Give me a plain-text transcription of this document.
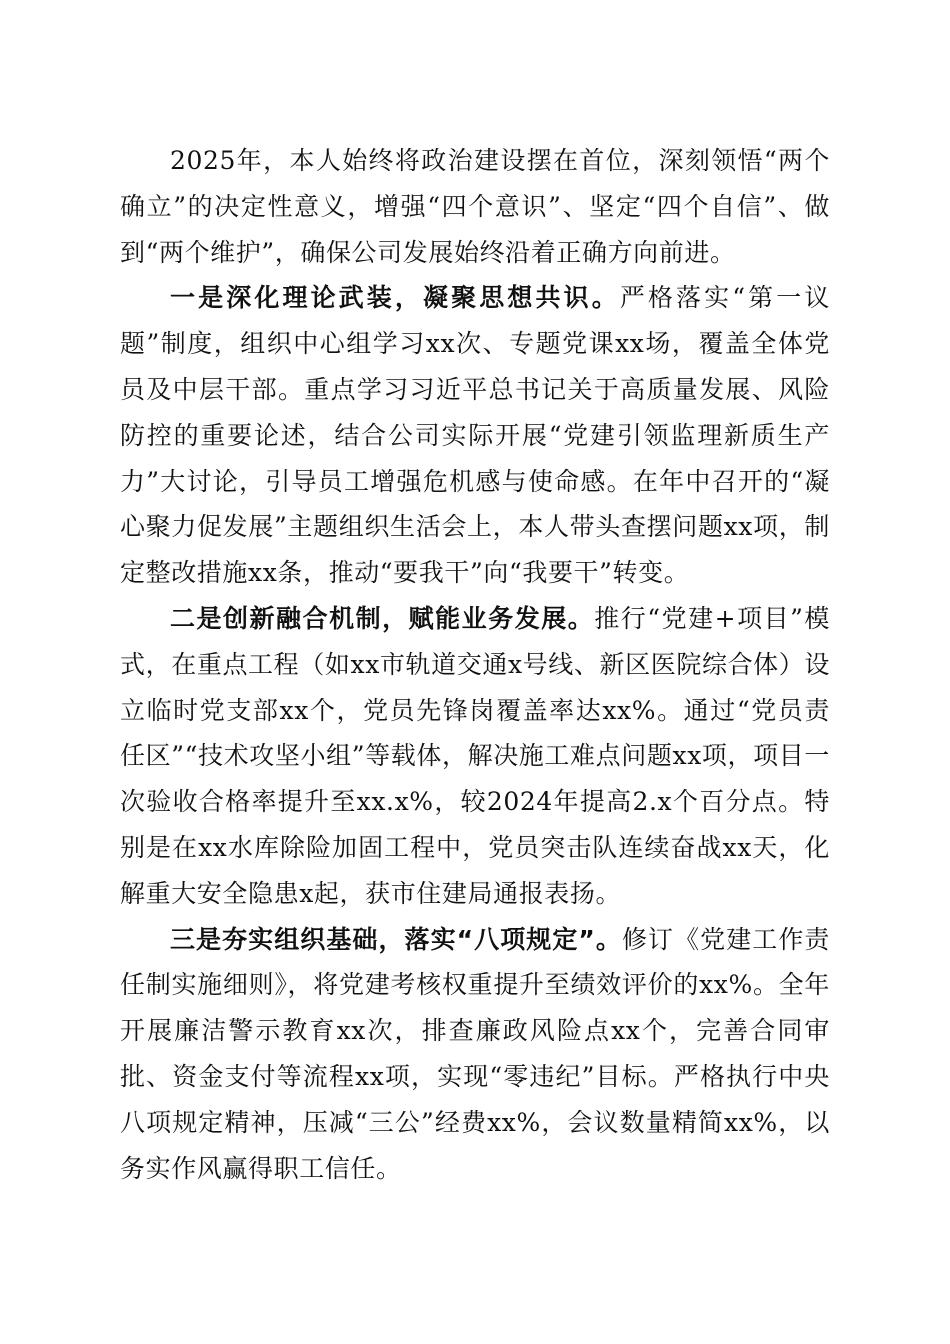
2025年，本人始终将政治建设摆在首位，深刻领悟“两个确立”的决定性意义，增强“四个意识”、坚定“四个自信”、做到“两个维护”，确保公司发展始终沿着正确方向前进。

一是深化理论武装，凝聚思想共识。严格落实“第一议题”制度，组织中心组学习xx次、专题党课xx场，覆盖全体党员及中层干部。重点学习习近平总书记关于高质量发展、风险防控的重要论述，结合公司实际开展“党建引领监理新质生产力”大讨论，引导员工增强危机感与使命感。在年中召开的“凝心聚力促发展”主题组织生活会上，本人带头查摆问题xx项，制定整改措施xx条，推动“要我干”向“我要干”转变。

二是创新融合机制，赋能业务发展。推行“党建+项目”模式，在重点工程（如xx市轨道交通x号线、新区医院综合体）设立临时党支部xx个，党员先锋岗覆盖率达xx%。通过“党员责任区”“技术攻坚小组”等载体，解决施工难点问题xx项，项目一次验收合格率提升至xx.x%，较2024年提高2.x个百分点。特别是在xx水库除险加固工程中，党员突击队连续奋战xx天，化解重大安全隐患x起，获市住建局通报表扬。

三是夯实组织基础，落实“八项规定”。修订《党建工作责任制实施细则》，将党建考核权重提升至绩效评价的xx%。全年开展廉洁警示教育xx次，排查廉政风险点xx个，完善合同审批、资金支付等流程xx项，实现“零违纪”目标。严格执行中央八项规定精神，压减“三公”经费xx%，会议数量精简xx%，以务实作风赢得职工信任。
